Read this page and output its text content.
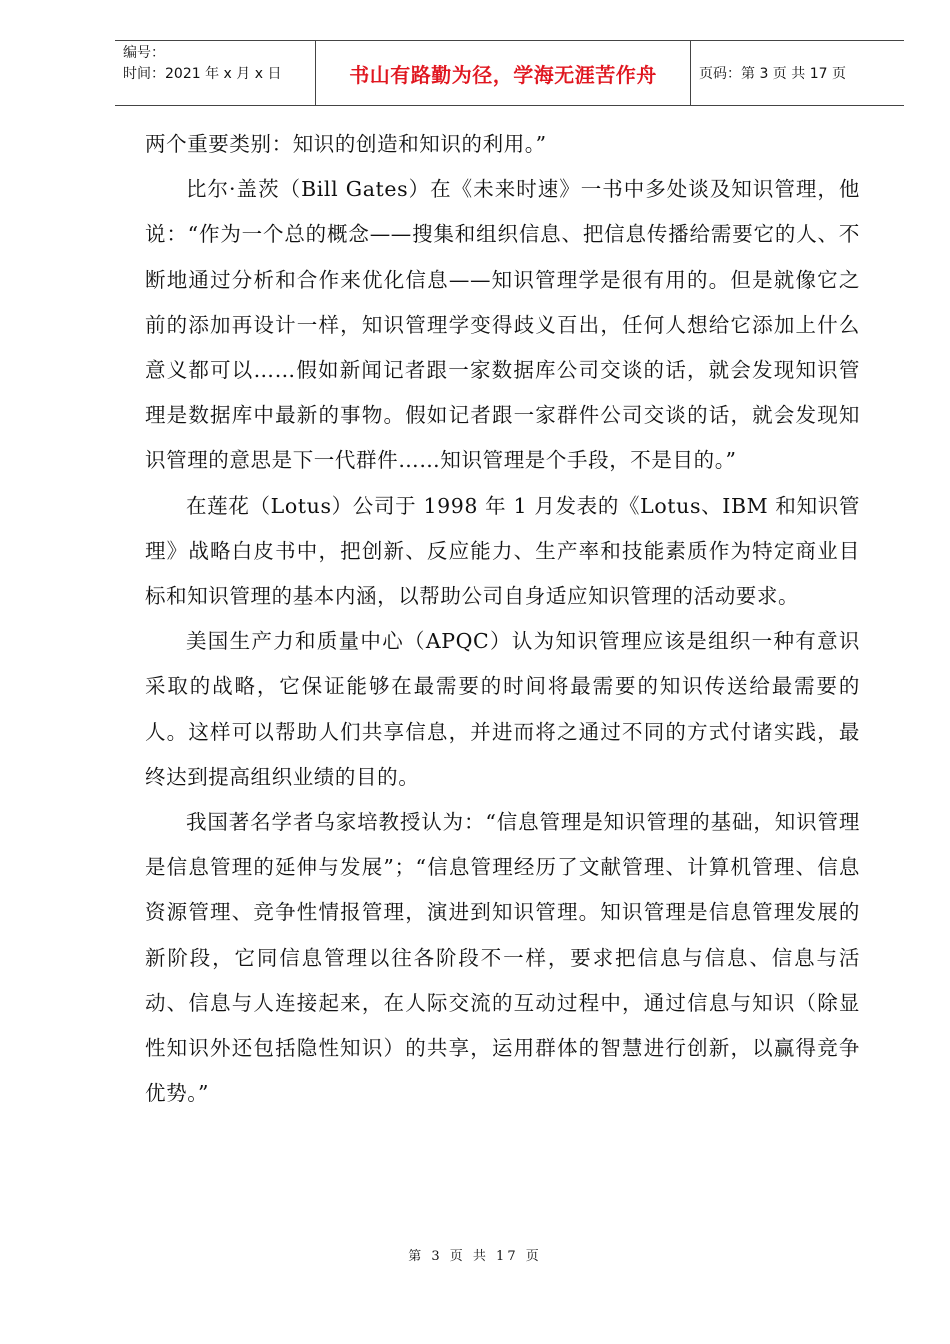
编号：
时间：2021 年 x 月 x 日	书山有路勤为径，学海无涯苦作舟	页码：第 3 页 共 17 页

两个重要类别：知识的创造和知识的利用。”

比尔·盖茨（Bill Gates）在《未来时速》一书中多处谈及知识管理，他说：“作为一个总的概念——搜集和组织信息、把信息传播给需要它的人、不断地通过分析和合作来优化信息——知识管理学是很有用的。但是就像它之前的添加再设计一样，知识管理学变得歧义百出，任何人想给它添加上什么意义都可以……假如新闻记者跟一家数据库公司交谈的话，就会发现知识管理是数据库中最新的事物。假如记者跟一家群件公司交谈的话，就会发现知识管理的意思是下一代群件……知识管理是个手段，不是目的。”

在莲花（Lotus）公司于 1998 年 1 月发表的《Lotus、IBM 和知识管理》战略白皮书中，把创新、反应能力、生产率和技能素质作为特定商业目标和知识管理的基本内涵，以帮助公司自身适应知识管理的活动要求。

美国生产力和质量中心（APQC）认为知识管理应该是组织一种有意识采取的战略，它保证能够在最需要的时间将最需要的知识传送给最需要的人。这样可以帮助人们共享信息，并进而将之通过不同的方式付诸实践，最终达到提高组织业绩的目的。

我国著名学者乌家培教授认为：“信息管理是知识管理的基础，知识管理是信息管理的延伸与发展”；“信息管理经历了文献管理、计算机管理、信息资源管理、竞争性情报管理，演进到知识管理。知识管理是信息管理发展的新阶段，它同信息管理以往各阶段不一样，要求把信息与信息、信息与活动、信息与人连接起来，在人际交流的互动过程中，通过信息与知识（除显性知识外还包括隐性知识）的共享，运用群体的智慧进行创新，以赢得竞争优势。”

第 3 页 共 17 页
